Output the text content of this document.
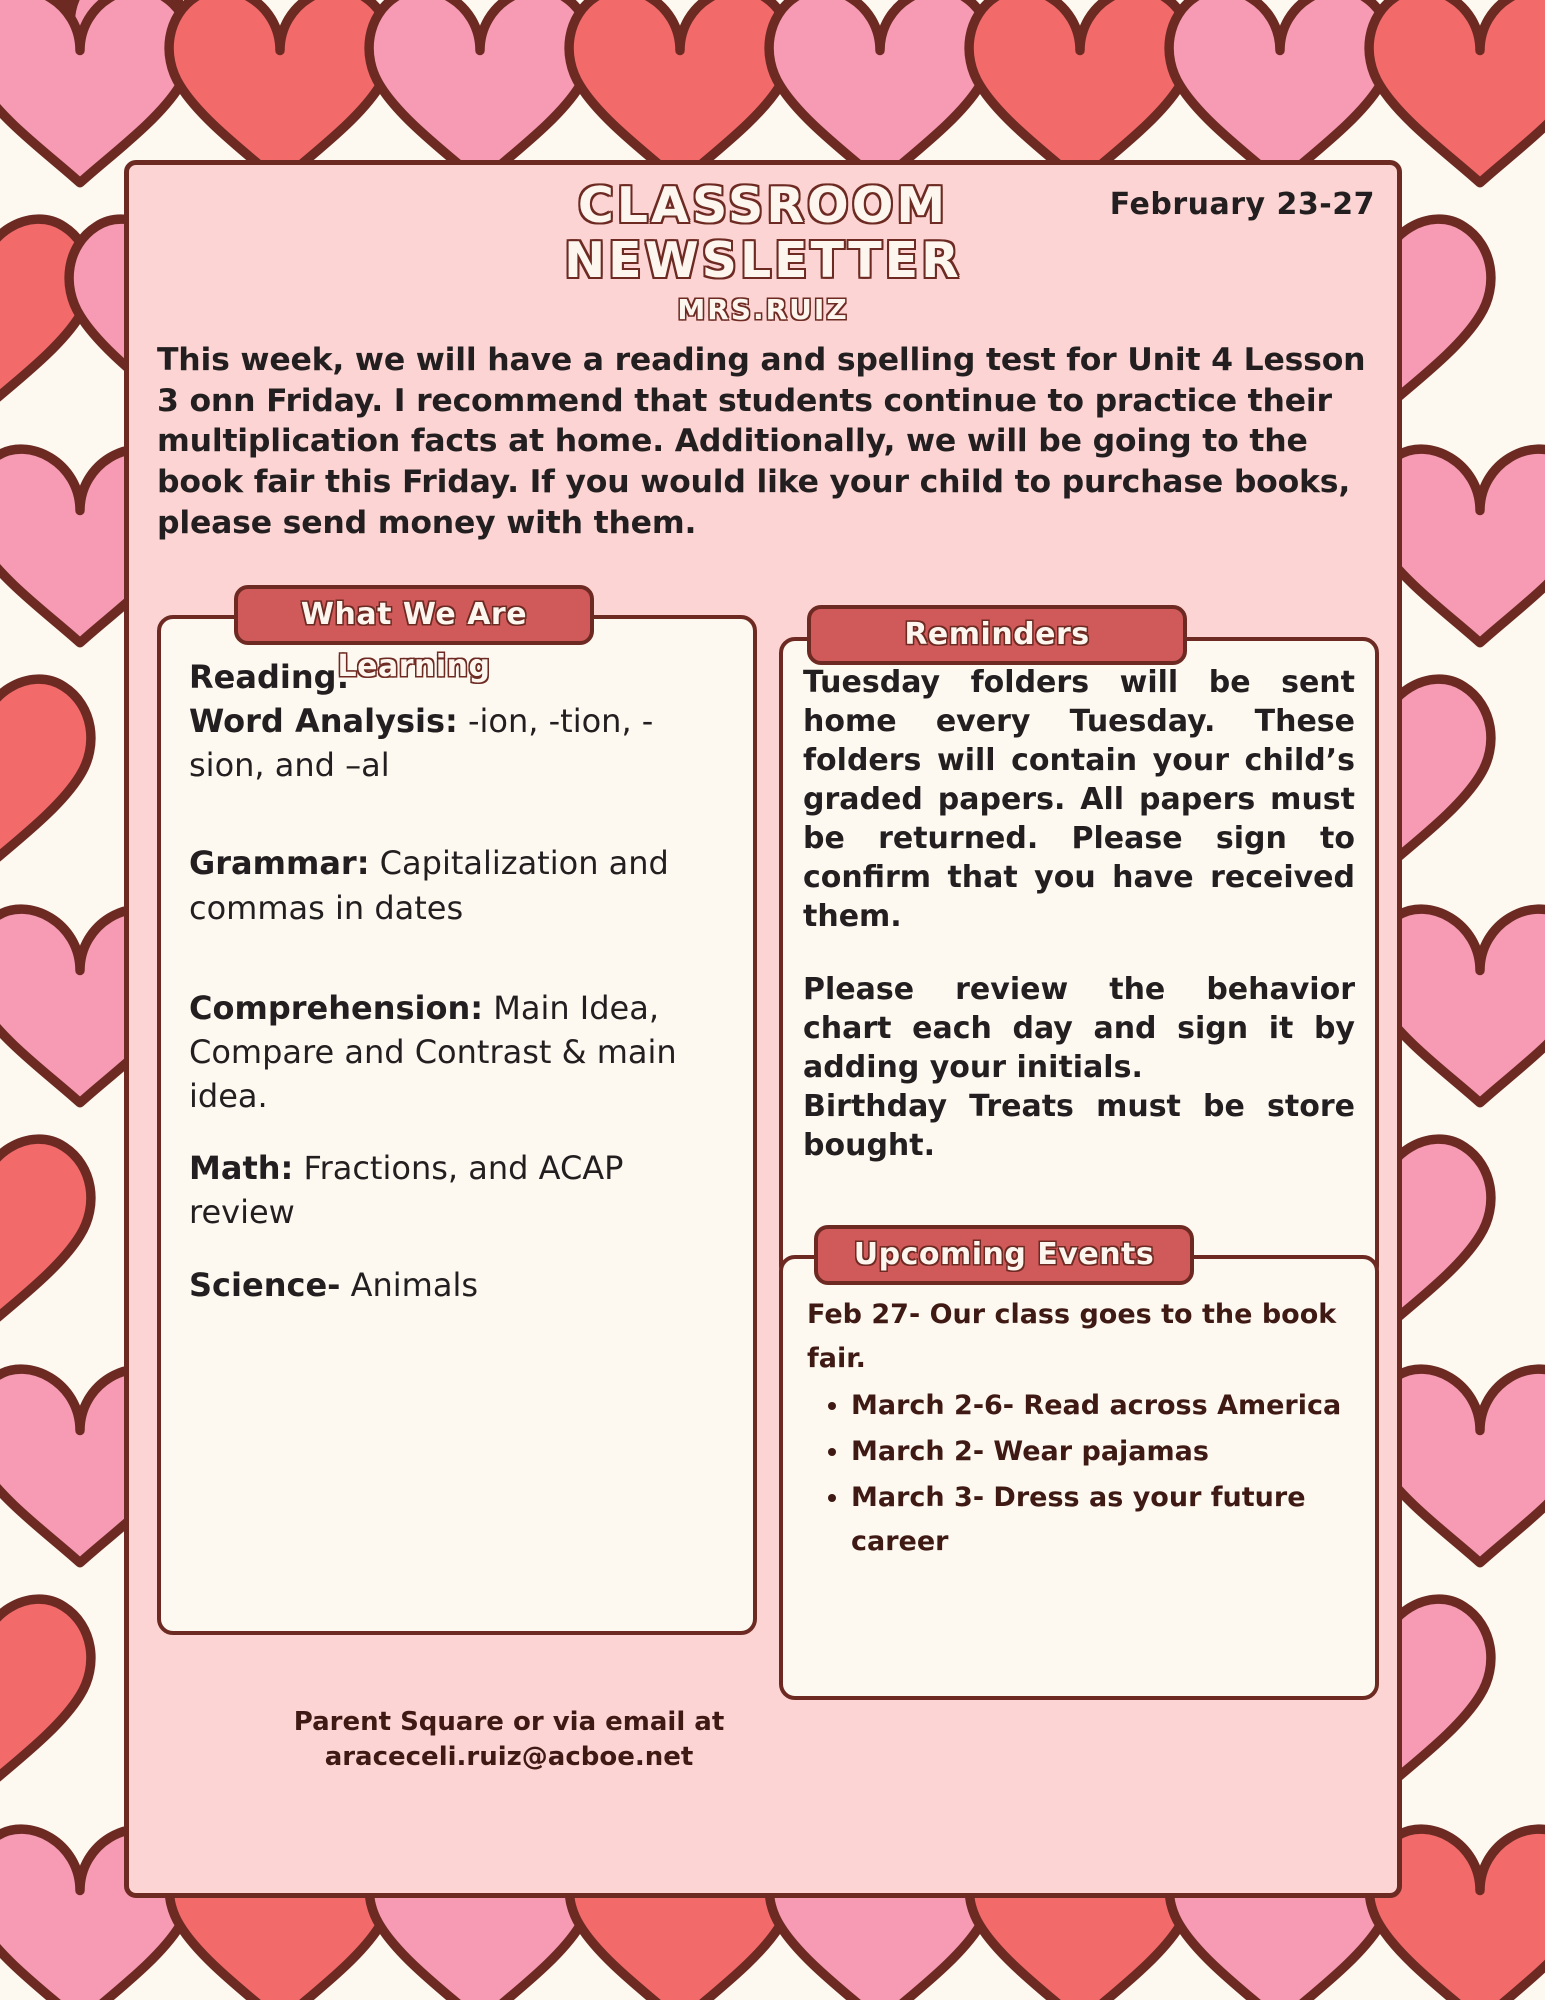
CLASSROOM
NEWSLETTER
MRS.RUIZ
February 23-27

This week, we will have a reading and spelling test for Unit 4 Lesson 3 onn Friday. I recommend that students continue to practice their multiplication facts at home. Additionally, we will be going to the book fair this Friday. If you would like your child to purchase books, please send money with them.

What We Are Learning

Reading:
Word Analysis: -ion, -tion, -sion, and –al

Grammar: Capitalization and commas in dates

Comprehension: Main Idea, Compare and Contrast & main idea.

Math: Fractions, and ACAP review

Science- Animals

Reminders

Tuesday folders will be sent home every Tuesday. These folders will contain your child’s graded papers. All papers must be returned. Please sign to confirm that you have received them.

Please review the behavior chart each day and sign it by adding your initials.

Birthday Treats must be store bought.

Upcoming Events

Feb 27- Our class goes to the book fair.

• March 2-6- Read across America
• March 2- Wear pajamas
• March 3- Dress as your future career
Parent Square or via email at
araceceli.ruiz@acboe.net
